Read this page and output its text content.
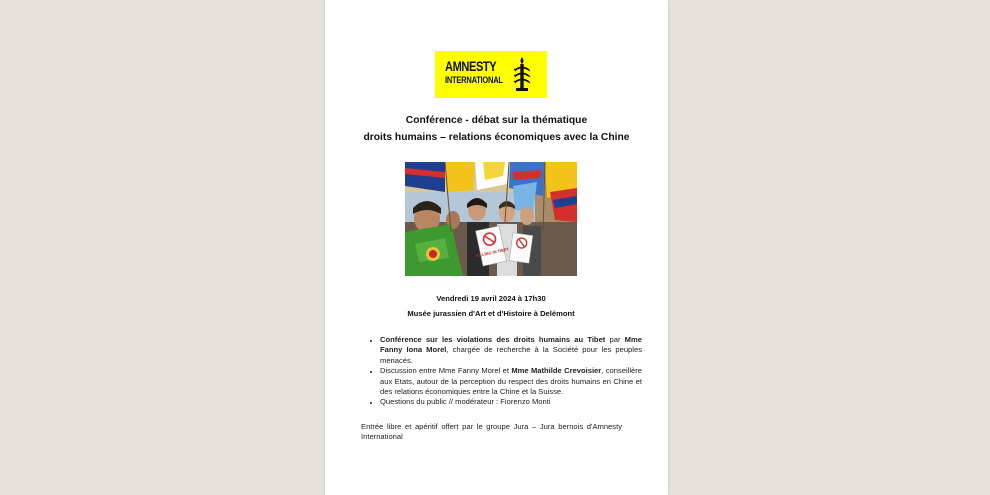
AMNESTY
INTERNATIONAL
Conférence - débat sur la thématique
droits humains – relations économiques avec la Chine
KILLING IN TIBET
Vendredi 19 avril 2024 à 17h30
Musée jurassien d'Art et d'Histoire à Delémont
• Conférence sur les violations des droits humains au Tibet par Mme Fanny Iona Morel, chargée de recherche à la Société pour les peuples menacés.
• Discussion entre Mme Fanny Morel et Mme Mathilde Crevoisier, conseillère aux Etats, autour de la perception du respect des droits humains en Chine et des relations économiques entre la Chine et la Suisse.
• Questions du public // modérateur : Fiorenzo Monti
Entrée libre et apéritif offert par le groupe Jura – Jura bernois d'Amnesty International
